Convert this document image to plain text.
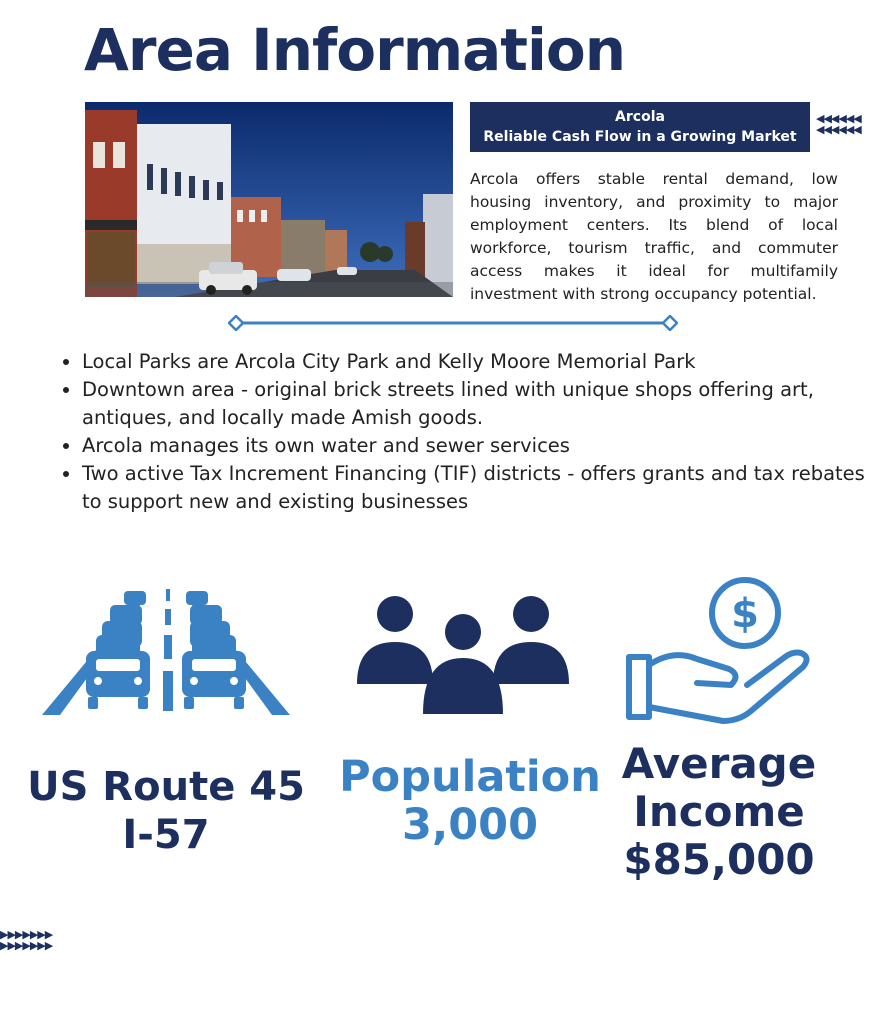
Area Information
Arcola
Reliable Cash Flow in a Growing Market
◀◀◀◀◀◀
◀◀◀◀◀◀

Arcola offers stable rental demand, low

housing inventory, and proximity to major

employment centers. Its blend of local

workforce, tourism traffic, and commuter

access makes it ideal for multifamily

investment with strong occupancy potential.

• Local Parks are Arcola City Park and Kelly Moore Memorial Park
• Downtown area - original brick streets lined with unique shops offering art, antiques, and locally made Amish goods.
• Arcola manages its own water and sewer services
• Two active Tax Increment Financing (TIF) districts - offers grants and tax rebates to support new and existing businesses
$
US Route 45
I-57
Population
3,000
Average
Income
$85,000
▶▶▶▶▶▶▶
▶▶▶▶▶▶▶
